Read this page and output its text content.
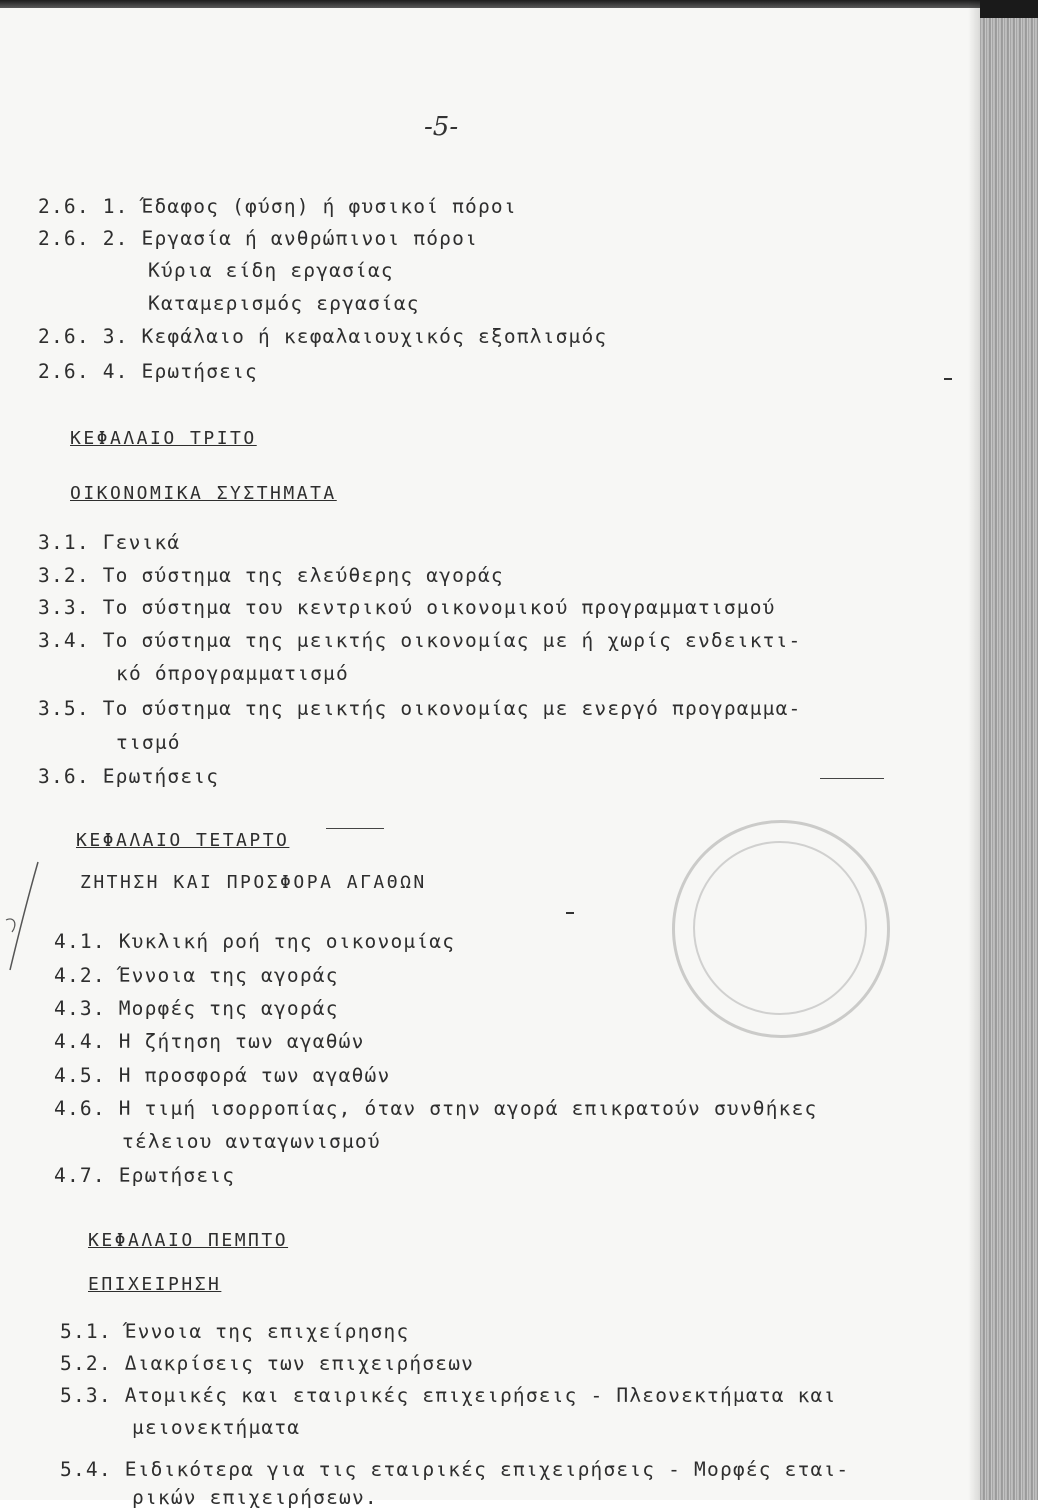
-5-
2.6. 1. Έδαφος (φύση) ή φυσικοί πόροι
2.6. 2. Εργασία ή ανθρώπινοι πόροι
Κύρια είδη εργασίας
Καταμερισμός εργασίας
2.6. 3. Κεφάλαιο ή κεφαλαιουχικός εξοπλισμός
2.6. 4. Ερωτήσεις
ΚΕΦΑΛΑΙΟ ΤΡΙΤΟ
ΟΙΚΟΝΟΜΙΚΑ ΣΥΣΤΗΜΑΤΑ
3.1. Γενικά
3.2. Το σύστημα της ελεύθερης αγοράς
3.3. Το σύστημα του κεντρικού οικονομικού προγραμματισμού
3.4. Το σύστημα της μεικτής οικονομίας με ή χωρίς ενδεικτι-
κό όπρογραμματισμό
3.5. Το σύστημα της μεικτής οικονομίας με ενεργό προγραμμα-
τισμό
3.6. Ερωτήσεις
ΚΕΦΑΛΑΙΟ ΤΕΤΑΡΤΟ
ΖΗΤΗΣΗ ΚΑΙ ΠΡΟΣΦΟΡΑ ΑΓΑΘΩΝ
4.1. Κυκλική ροή της οικονομίας
4.2. Έννοια της αγοράς
4.3. Μορφές της αγοράς
4.4. Η ζήτηση των αγαθών
4.5. Η προσφορά των αγαθών
4.6. Η τιμή ισορροπίας, όταν στην αγορά επικρατούν συνθήκες
τέλειου ανταγωνισμού
4.7. Ερωτήσεις
ΚΕΦΑΛΑΙΟ ΠΕΜΠΤΟ
ΕΠΙΧΕΙΡΗΣΗ
5.1. Έννοια της επιχείρησης
5.2. Διακρίσεις των επιχειρήσεων
5.3. Ατομικές και εταιρικές επιχειρήσεις - Πλεονεκτήματα και
μειονεκτήματα
5.4. Ειδικότερα για τις εταιρικές επιχειρήσεις - Μορφές εται-
ρικών επιχειρήσεων.
